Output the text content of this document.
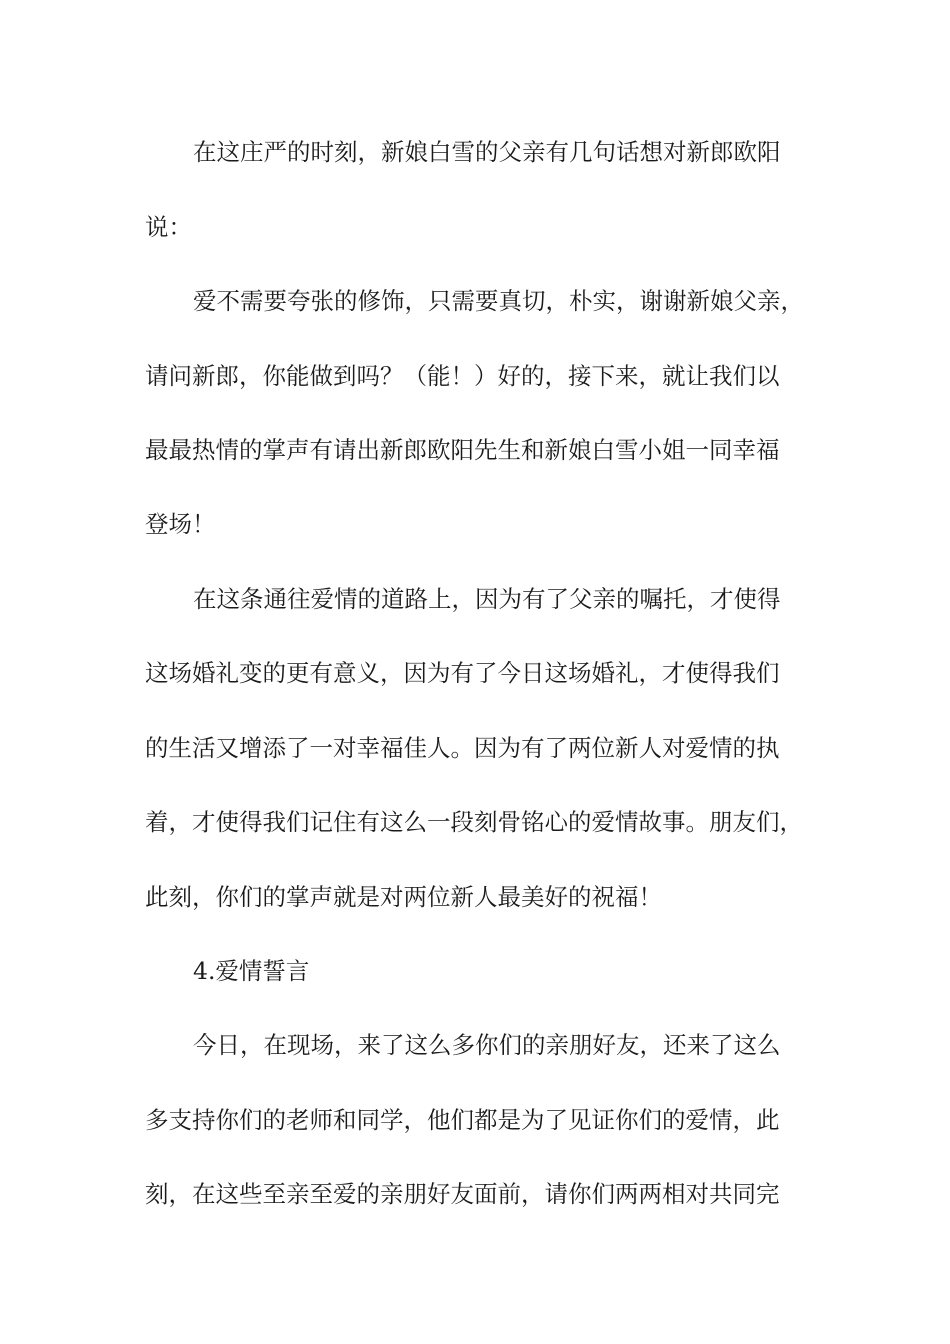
在这庄严的时刻，新娘白雪的父亲有几句话想对新郎欧阳

说：

爱不需要夸张的修饰，只需要真切，朴实，谢谢新娘父亲，

请问新郎，你能做到吗？（能！）好的，接下来，就让我们以

最最热情的掌声有请出新郎欧阳先生和新娘白雪小姐一同幸福

登场！

在这条通往爱情的道路上，因为有了父亲的嘱托，才使得

这场婚礼变的更有意义，因为有了今日这场婚礼，才使得我们

的生活又增添了一对幸福佳人。因为有了两位新人对爱情的执

着，才使得我们记住有这么一段刻骨铭心的爱情故事。朋友们，

此刻，你们的掌声就是对两位新人最美好的祝福！

4.爱情誓言

今日，在现场，来了这么多你们的亲朋好友，还来了这么

多支持你们的老师和同学，他们都是为了见证你们的爱情，此

刻，在这些至亲至爱的亲朋好友面前，请你们两两相对共同完
